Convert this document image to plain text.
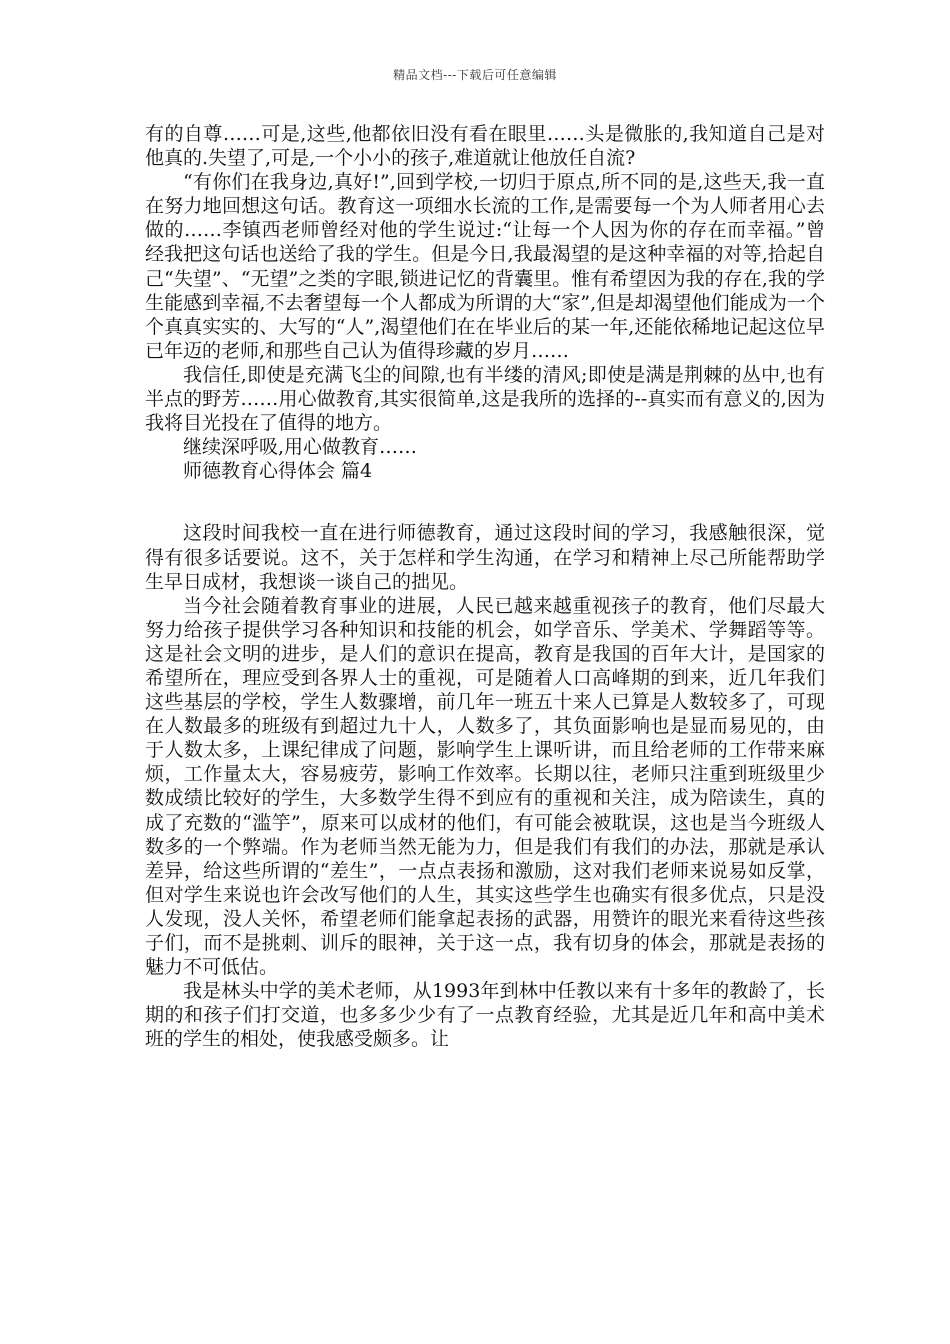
精品文档---下载后可任意编辑

有的自尊……可是,这些,他都依旧没有看在眼里……头是微胀的,我知道自己是对他真的.失望了,可是,一个小小的孩子,难道就让他放任自流?

“有你们在我身边,真好!”,回到学校,一切归于原点,所不同的是,这些天,我一直在努力地回想这句话。教育这一项细水长流的工作,是需要每一个为人师者用心去做的……李镇西老师曾经对他的学生说过:“让每一个人因为你的存在而幸福。”曾经我把这句话也送给了我的学生。但是今日,我最渴望的是这种幸福的对等,拾起自己“失望”、“无望”之类的字眼,锁进记忆的背囊里。惟有希望因为我的存在,我的学生能感到幸福,不去奢望每一个人都成为所谓的大“家”,但是却渴望他们能成为一个个真真实实的、大写的“人”,渴望他们在在毕业后的某一年,还能依稀地记起这位早已年迈的老师,和那些自己认为值得珍藏的岁月……

我信任,即使是充满飞尘的间隙,也有半缕的清风;即使是满是荆棘的丛中,也有半点的野芳……用心做教育,其实很简单,这是我所的选择的--真实而有意义的,因为我将目光投在了值得的地方。

继续深呼吸,用心做教育……

师德教育心得体会 篇4

这段时间我校一直在进行师德教育，通过这段时间的学习，我感触很深，觉得有很多话要说。这不，关于怎样和学生沟通，在学习和精神上尽己所能帮助学生早日成材，我想谈一谈自己的拙见。

当今社会随着教育事业的进展，人民已越来越重视孩子的教育，他们尽最大努力给孩子提供学习各种知识和技能的机会，如学音乐、学美术、学舞蹈等等。这是社会文明的进步，是人们的意识在提高，教育是我国的百年大计，是国家的希望所在，理应受到各界人士的重视，可是随着人口高峰期的到来，近几年我们这些基层的学校，学生人数骤增，前几年一班五十来人已算是人数较多了，可现在人数最多的班级有到超过九十人，人数多了，其负面影响也是显而易见的，由于人数太多，上课纪律成了问题，影响学生上课听讲，而且给老师的工作带来麻烦，工作量太大，容易疲劳，影响工作效率。长期以往，老师只注重到班级里少数成绩比较好的学生，大多数学生得不到应有的重视和关注，成为陪读生，真的成了充数的“滥竽”，原来可以成材的他们，有可能会被耽误，这也是当今班级人数多的一个弊端。作为老师当然无能为力，但是我们有我们的办法，那就是承认差异，给这些所谓的“差生”，一点点表扬和激励，这对我们老师来说易如反掌，但对学生来说也许会改写他们的人生，其实这些学生也确实有很多优点，只是没人发现，没人关怀，希望老师们能拿起表扬的武器，用赞许的眼光来看待这些孩子们，而不是挑刺、训斥的眼神，关于这一点，我有切身的体会，那就是表扬的魅力不可低估。

我是林头中学的美术老师，从1993年到林中任教以来有十多年的教龄了，长期的和孩子们打交道，也多多少少有了一点教育经验，尤其是近几年和高中美术班的学生的相处，使我感受颇多。让
